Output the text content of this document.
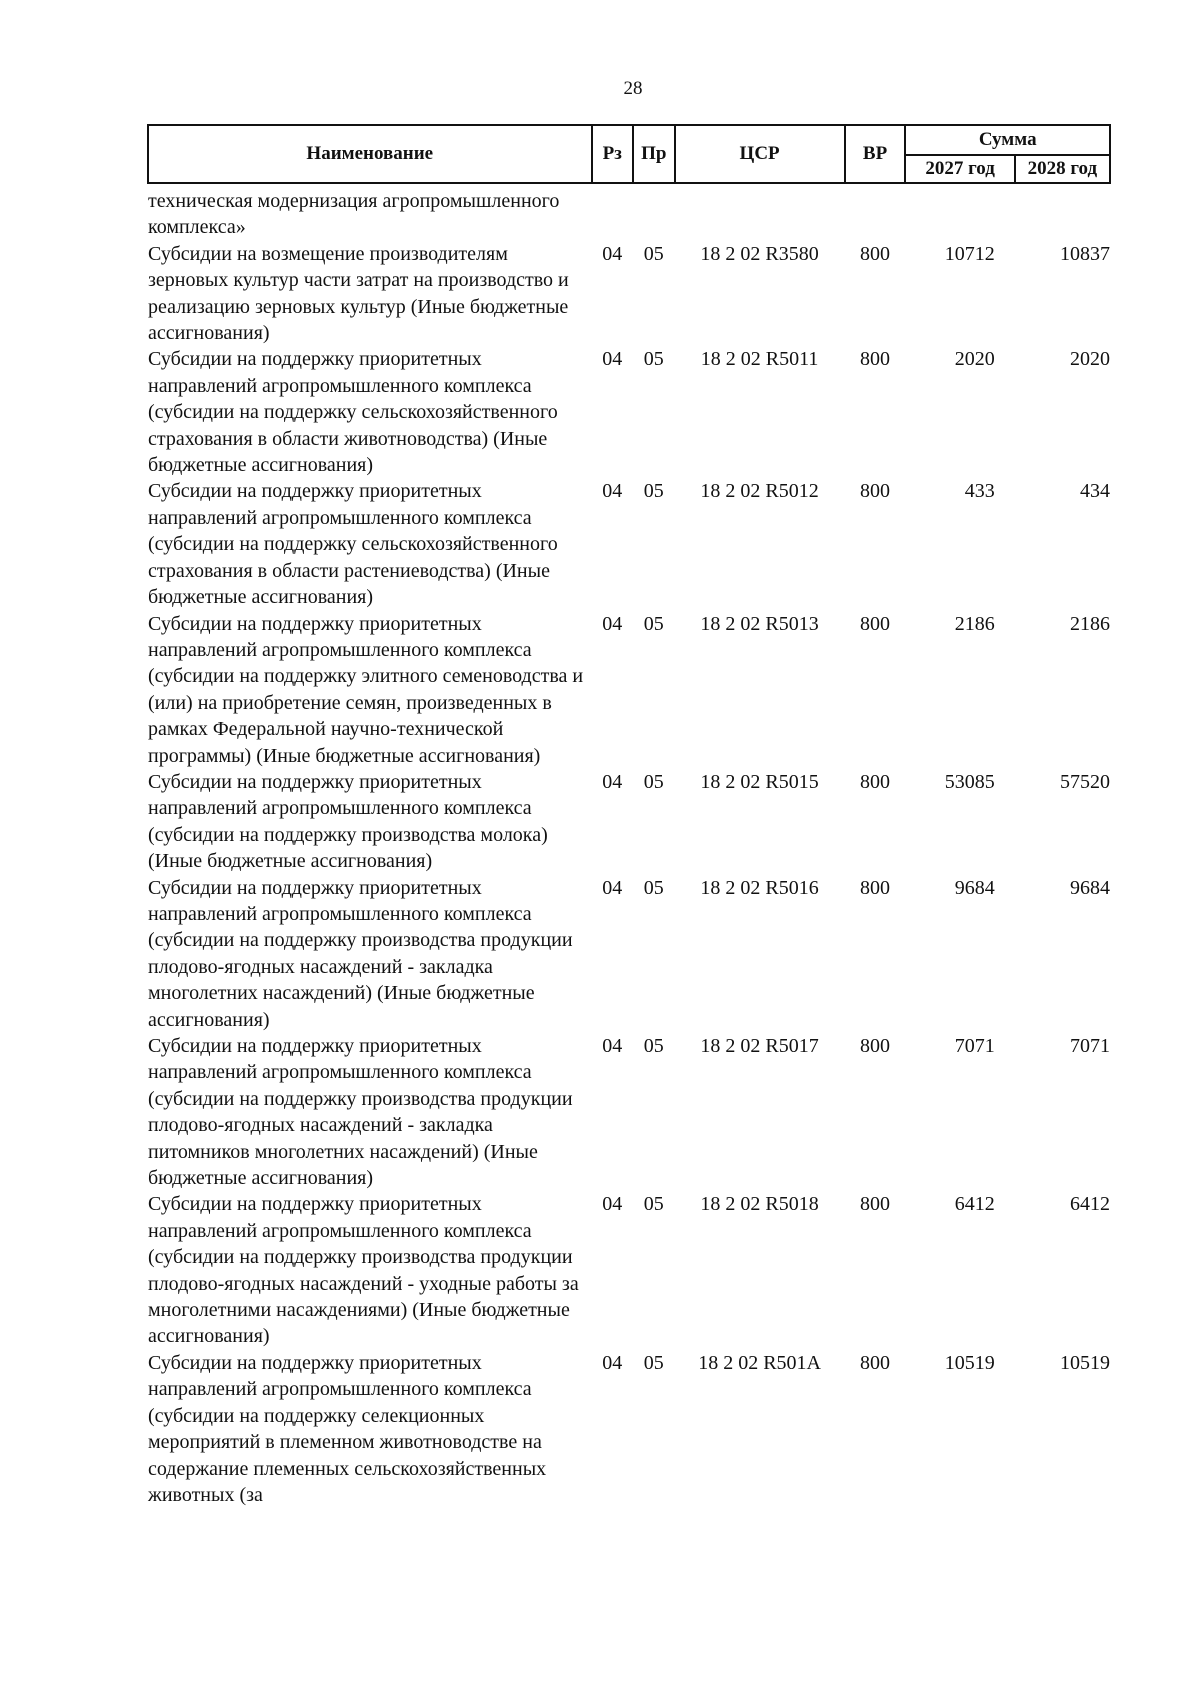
28
Наименование	Рз	Пр	ЦСР	ВР	Сумма	
					2027 год	2028 год
техническая модернизация агропромышленного комплекса»						
Субсидии на возмещение производителям зерновых культур части затрат на производство и реализацию зерновых культур (Иные бюджетные ассигнования)	04	05	18 2 02 R3580	800	10712	10837
Субсидии на поддержку приоритетных направлений агропромышленного комплекса (субсидии на поддержку сельскохозяйственного страхования в области животноводства) (Иные бюджетные ассигнования)	04	05	18 2 02 R5011	800	2020	2020
Субсидии на поддержку приоритетных направлений агропромышленного комплекса (субсидии на поддержку сельскохозяйственного страхования в области растениеводства) (Иные бюджетные ассигнования)	04	05	18 2 02 R5012	800	433	434
Субсидии на поддержку приоритетных направлений агропромышленного комплекса (субсидии на поддержку элитного семеноводства и (или) на приобретение семян, произведенных в рамках Федеральной научно-технической программы) (Иные бюджетные ассигнования)	04	05	18 2 02 R5013	800	2186	2186
Субсидии на поддержку приоритетных направлений агропромышленного комплекса (субсидии на поддержку производства молока) (Иные бюджетные ассигнования)	04	05	18 2 02 R5015	800	53085	57520
Субсидии на поддержку приоритетных направлений агропромышленного комплекса (субсидии на поддержку производства продукции плодово-ягодных насаждений - закладка многолетних насаждений) (Иные бюджетные ассигнования)	04	05	18 2 02 R5016	800	9684	9684
Субсидии на поддержку приоритетных направлений агропромышленного комплекса (субсидии на поддержку производства продукции плодово-ягодных насаждений - закладка питомников многолетних насаждений) (Иные бюджетные ассигнования)	04	05	18 2 02 R5017	800	7071	7071
Субсидии на поддержку приоритетных направлений агропромышленного комплекса (субсидии на поддержку производства продукции плодово-ягодных насаждений - уходные работы за многолетними насаждениями) (Иные бюджетные ассигнования)	04	05	18 2 02 R5018	800	6412	6412
Субсидии на поддержку приоритетных направлений агропромышленного комплекса (субсидии на поддержку селекционных мероприятий в племенном животноводстве на содержание племенных сельскохозяйственных животных (за	04	05	18 2 02 R501A	800	10519	10519
